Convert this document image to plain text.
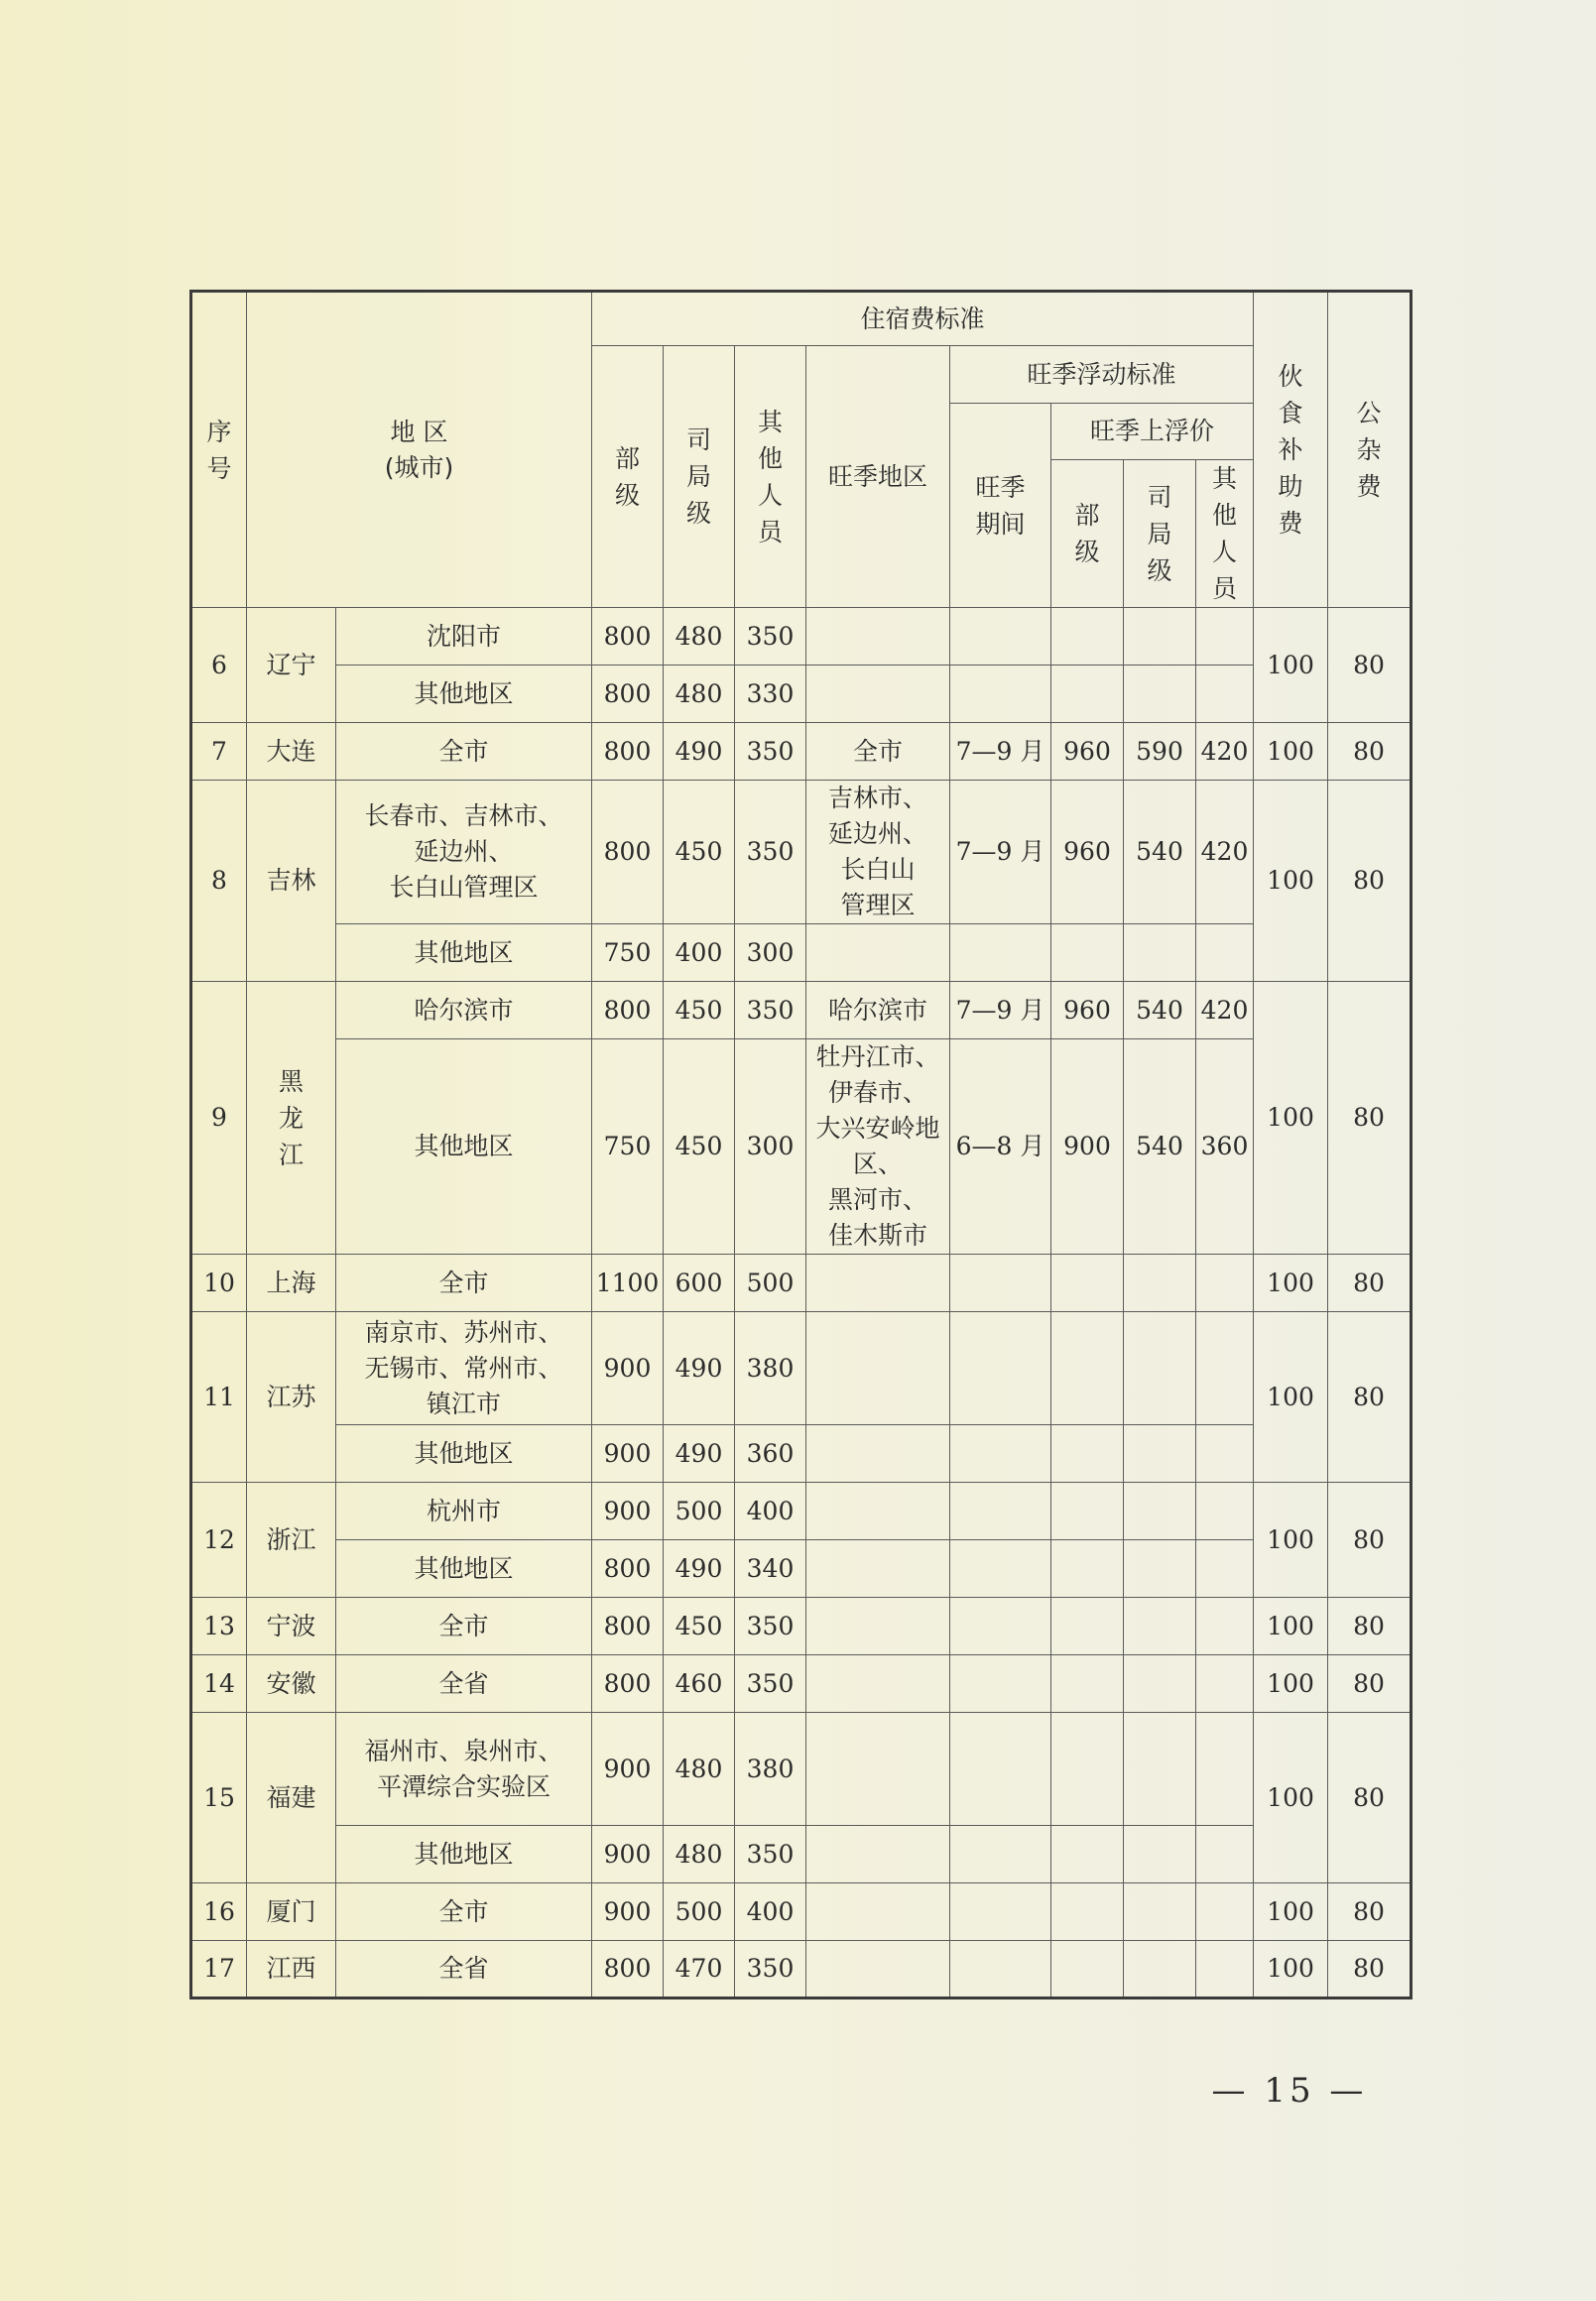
序号	地 区
(城市)		住宿费标准								伙食补助费	公杂费
			部级	司局级	其他人员	旺季地区	旺季浮动标准					
							旺季期间	旺季上浮价				
								部级	司局级	其他人员		
6	辽宁	沈阳市	800	480	350						100	80
		其他地区	800	480	330							
7	大连	全市	800	490	350	全市	7—9 月	960	590	420	100	80
8	吉林	长春市、吉林市、
延边州、
长白山管理区	800	450	350	吉林市、
延边州、
长白山
管理区	7—9 月	960	540	420	100	80
		其他地区	750	400	300							
9	黑龙江	哈尔滨市	800	450	350	哈尔滨市	7—9 月	960	540	420	100	80
		其他地区	750	450	300	牡丹江市、
伊春市、
大兴安岭地区、
黑河市、
佳木斯市	6—8 月	900	540	360		
10	上海	全市	1100	600	500						100	80
11	江苏	南京市、苏州市、
无锡市、常州市、
镇江市	900	490	380						100	80
		其他地区	900	490	360							
12	浙江	杭州市	900	500	400						100	80
		其他地区	800	490	340							
13	宁波	全市	800	450	350						100	80
14	安徽	全省	800	460	350						100	80
15	福建	福州市、泉州市、
平潭综合实验区	900	480	380						100	80
		其他地区	900	480	350							
16	厦门	全市	900	500	400						100	80
17	江西	全省	800	470	350						100	80
— 15 —
